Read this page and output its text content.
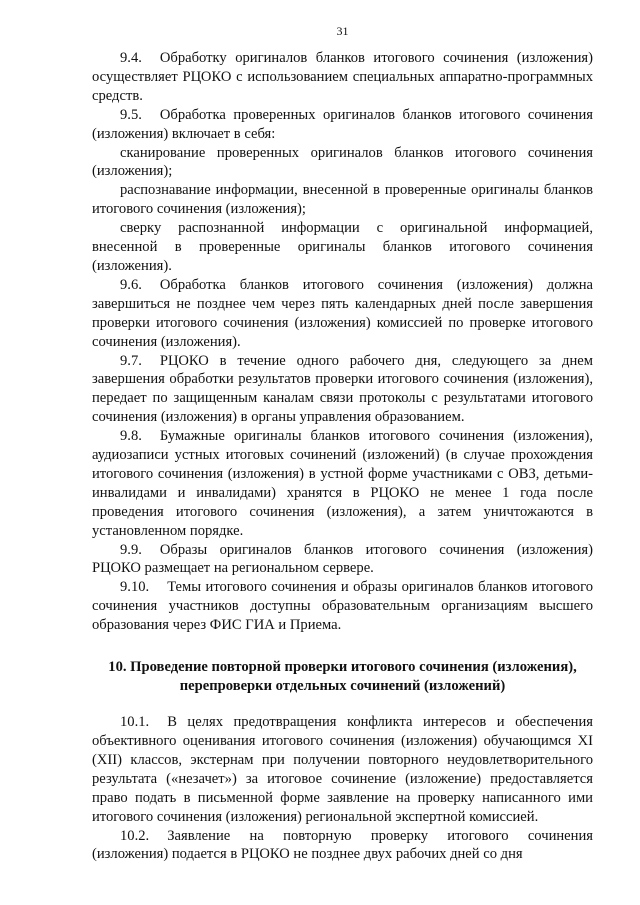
31

9.4. Обработку оригиналов бланков итогового сочинения (изложения) осуществляет РЦОКО с использованием специальных аппаратно-программных средств.

9.5. Обработка проверенных оригиналов бланков итогового сочинения (изложения) включает в себя:

сканирование проверенных оригиналов бланков итогового сочинения (изложения);

распознавание информации, внесенной в проверенные оригиналы бланков итогового сочинения (изложения);

сверку распознанной информации с оригинальной информацией, внесенной в проверенные оригиналы бланков итогового сочинения (изложения).

9.6. Обработка бланков итогового сочинения (изложения) должна завершиться не позднее чем через пять календарных дней после завершения проверки итогового сочинения (изложения) комиссией по проверке итогового сочинения (изложения).

9.7. РЦОКО в течение одного рабочего дня, следующего за днем завершения обработки результатов проверки итогового сочинения (изложения), передает по защищенным каналам связи протоколы с результатами итогового сочинения (изложения) в органы управления образованием.

9.8. Бумажные оригиналы бланков итогового сочинения (изложения), аудиозаписи устных итоговых сочинений (изложений) (в случае прохождения итогового сочинения (изложения) в устной форме участниками с ОВЗ, детьми-инвалидами и инвалидами) хранятся в РЦОКО не менее 1 года после проведения итогового сочинения (изложения), а затем уничтожаются в установленном порядке.

9.9. Образы оригиналов бланков итогового сочинения (изложения) РЦОКО размещает на региональном сервере.

9.10. Темы итогового сочинения и образы оригиналов бланков итогового сочинения участников доступны образовательным организациям высшего образования через ФИС ГИА и Приема.

10. Проведение повторной проверки итогового сочинения (изложения),
перепроверки отдельных сочинений (изложений)

10.1. В целях предотвращения конфликта интересов и обеспечения объективного оценивания итогового сочинения (изложения) обучающимся XI (XII) классов, экстернам при получении повторного неудовлетворительного результата («незачет») за итоговое сочинение (изложение) предоставляется право подать в письменной форме заявление на проверку написанного ими итогового сочинения (изложения) региональной экспертной комиссией.

10.2. Заявление на повторную проверку итогового сочинения (изложения) подается в РЦОКО не позднее двух рабочих дней со дня
